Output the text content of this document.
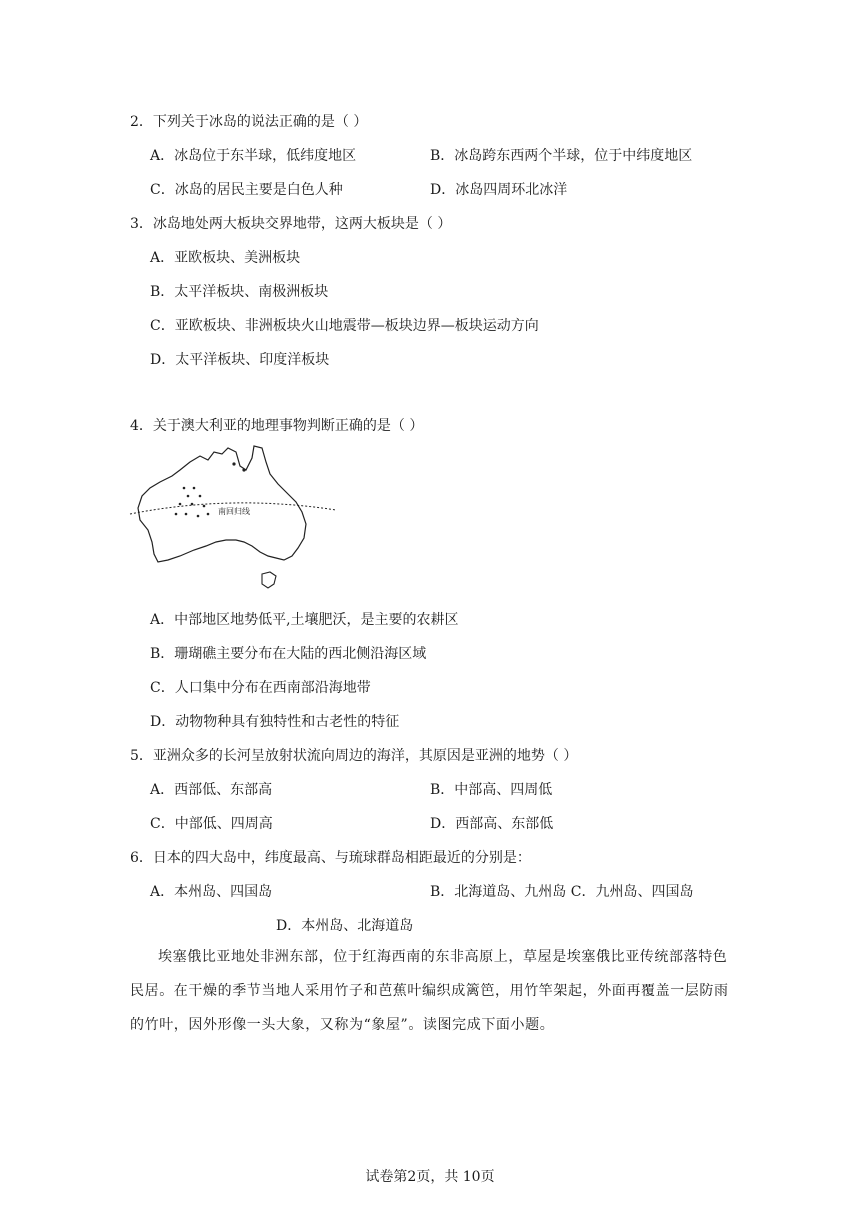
2．下列关于冰岛的说法正确的是（ ）
A．冰岛位于东半球，低纬度地区	B．冰岛跨东西两个半球，位于中纬度地区
C．冰岛的居民主要是白色人种	D．冰岛四周环北冰洋
3．冰岛地处两大板块交界地带，这两大板块是（ ）
A．亚欧板块、美洲板块
B．太平洋板块、南极洲板块
C．亚欧板块、非洲板块火山地震带—板块边界—板块运动方向
D．太平洋板块、印度洋板块
4．关于澳大利亚的地理事物判断正确的是（ ）
南回归线
A．中部地区地势低平,土壤肥沃，是主要的农耕区
B．珊瑚礁主要分布在大陆的西北侧沿海区域
C．人口集中分布在西南部沿海地带
D．动物物种具有独特性和古老性的特征
5．亚洲众多的长河呈放射状流向周边的海洋，其原因是亚洲的地势（ ）
A．西部低、东部高	B．中部高、四周低
C．中部低、四周高	D．西部高、东部低
6．日本的四大岛中，纬度最高、与琉球群岛相距最近的分别是：
A．本州岛、四国岛	B．北海道岛、九州岛 C．九州岛、四国岛
D．本州岛、北海道岛
埃塞俄比亚地处非洲东部，位于红海西南的东非高原上，草屋是埃塞俄比亚传统部落特色民居。在干燥的季节当地人采用竹子和芭蕉叶编织成篱笆，用竹竿架起，外面再覆盖一层防雨的竹叶，因外形像一头大象，又称为“象屋”。读图完成下面小题。
试卷第2页，共 10页
